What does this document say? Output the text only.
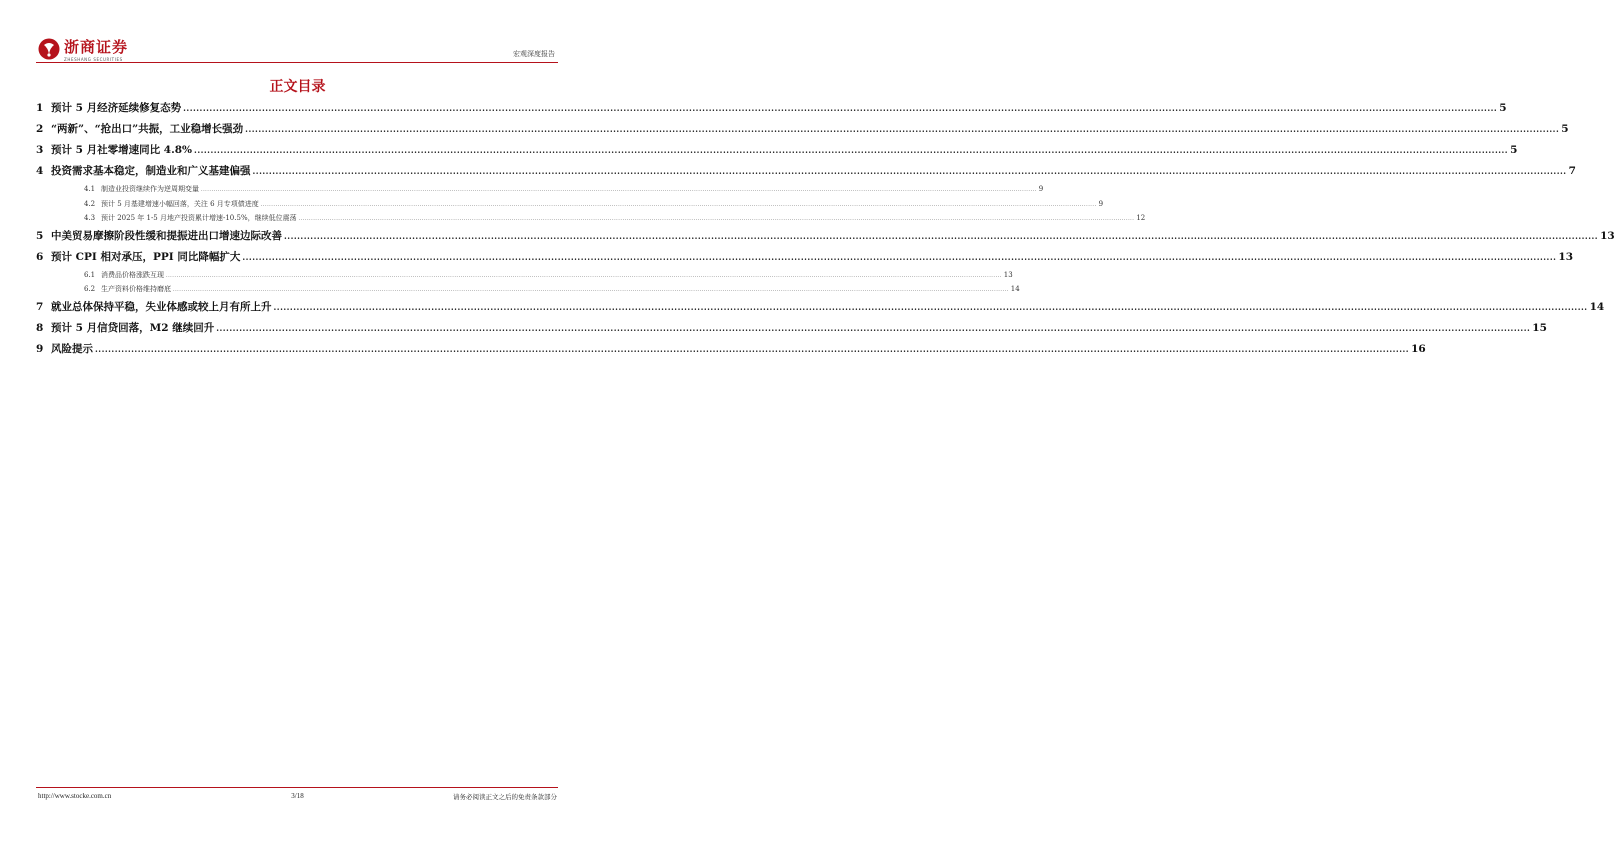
浙商证券
ZHESHANG SECURITIES
宏观深度报告
正文目录
1 预计 5 月经济延续修复态势 ................................................................................................................................................................................................................................................................................................................................................................................................................ 5
2 “两新”、“抢出口”共振，工业稳增长强劲 ................................................................................................................................................................................................................................................................................................................................................................................................................ 5
3 预计 5 月社零增速同比 4.8% ................................................................................................................................................................................................................................................................................................................................................................................................................ 5
4 投资需求基本稳定，制造业和广义基建偏强 ................................................................................................................................................................................................................................................................................................................................................................................................................ 7
4.1 制造业投资继续作为逆周期变量 ................................................................................................................................................................................................................................................................................................................................................................................................................ 9
4.2 预计 5 月基建增速小幅回落，关注 6 月专项债进度 ................................................................................................................................................................................................................................................................................................................................................................................................................ 9
4.3 预计 2025 年 1-5 月地产投资累计增速-10.5%，继续低位震荡 ................................................................................................................................................................................................................................................................................................................................................................................................................ 12
5 中美贸易摩擦阶段性缓和提振进出口增速边际改善 ................................................................................................................................................................................................................................................................................................................................................................................................................ 13
6 预计 CPI 相对承压，PPI 同比降幅扩大 ................................................................................................................................................................................................................................................................................................................................................................................................................ 13
6.1 消费品价格涨跌互现 ................................................................................................................................................................................................................................................................................................................................................................................................................ 13
6.2 生产资料价格维持磨底 ................................................................................................................................................................................................................................................................................................................................................................................................................ 14
7 就业总体保持平稳，失业体感或较上月有所上升 ................................................................................................................................................................................................................................................................................................................................................................................................................ 14
8 预计 5 月信贷回落，M2 继续回升 ................................................................................................................................................................................................................................................................................................................................................................................................................ 15
9 风险提示 ................................................................................................................................................................................................................................................................................................................................................................................................................ 16
http://www.stocke.com.cn	3/18	请务必阅读正文之后的免责条款部分
